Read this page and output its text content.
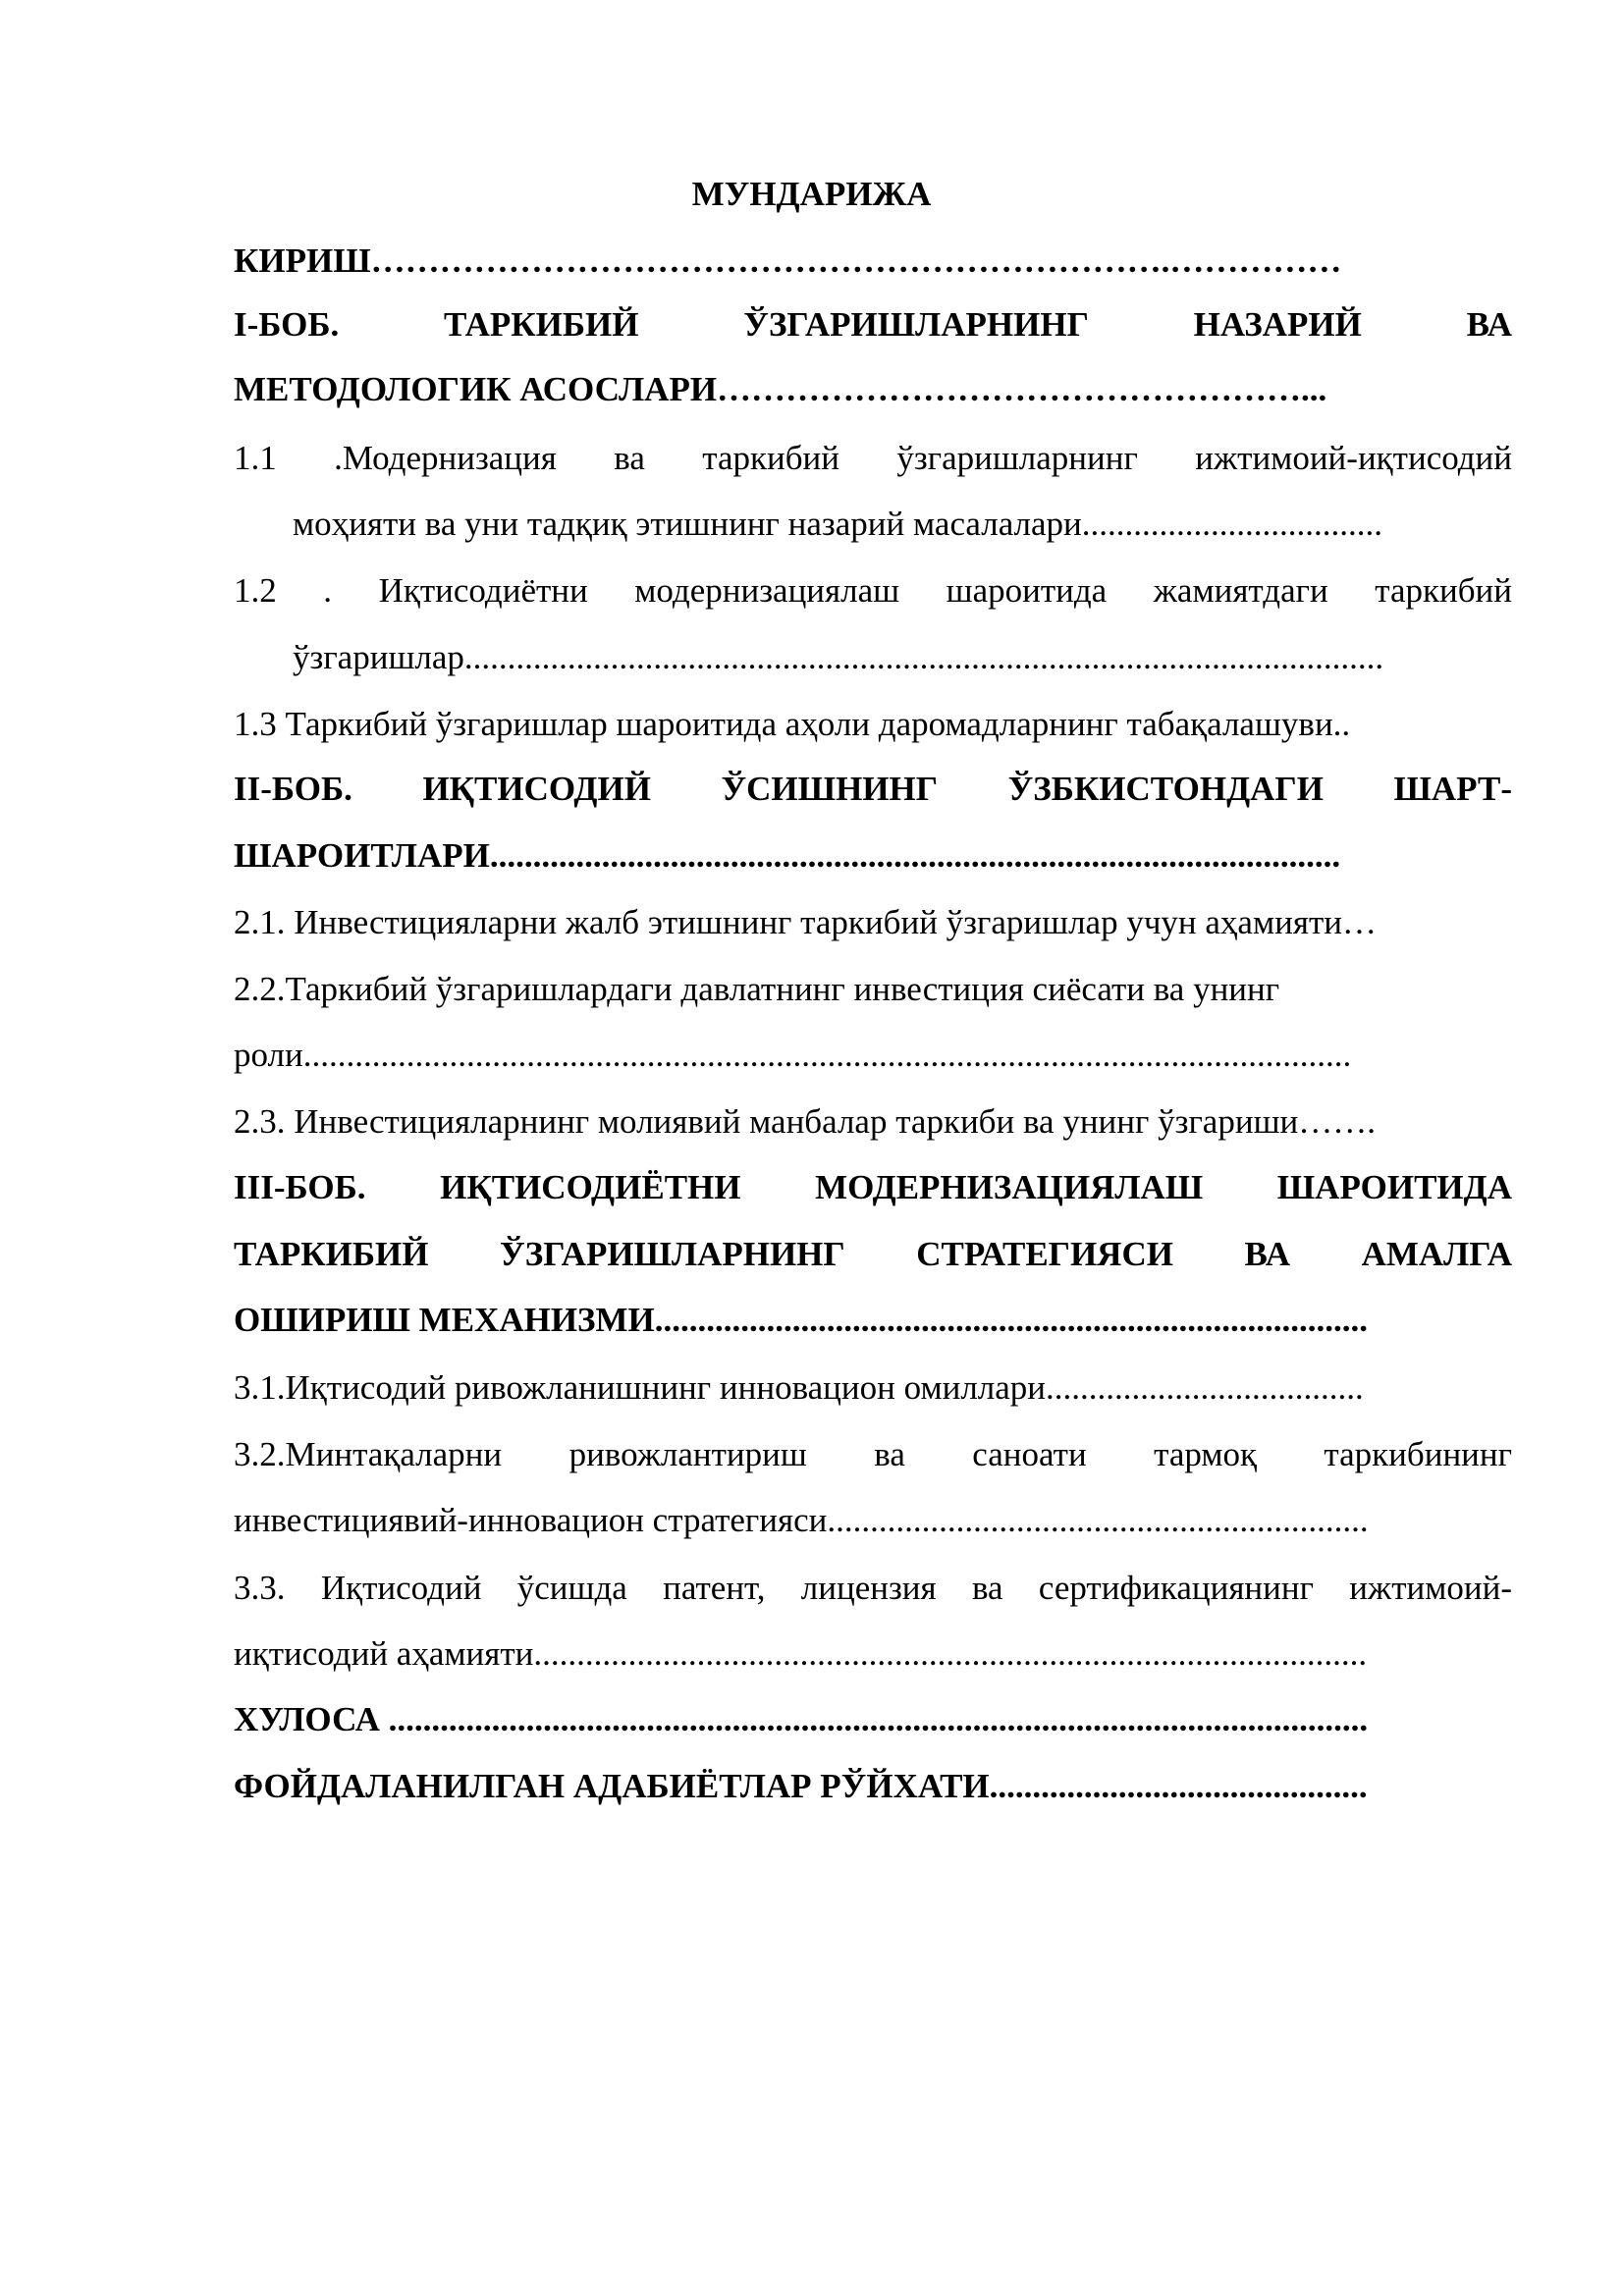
МУНДАРИЖА

КИРИШ…………………………………………………………….……………

I-БОБ. ТАРКИБИЙ ЎЗГАРИШЛАРНИНГ НАЗАРИЙ ВА

МЕТОДОЛОГИК АСОСЛАРИ……………………………………………...

1.1 .Модернизация ва таркибий ўзгаришларнинг ижтимоий-иқтисодий

моҳияти ва уни тадқиқ этишнинг назарий масалалари...................................

1.2 . Иқтисодиётни модернизациялаш шароитида жамиятдаги таркибий

ўзгаришлар...........................................................................................................

1.3 Таркибий ўзгаришлар шароитида аҳоли даромадларнинг табақалашуви..

II-БОБ. ИҚТИСОДИЙ ЎСИШНИНГ ЎЗБКИСТОНДАГИ ШАРТ-

ШАРОИТЛАРИ...................................................................................................

2.1. Инвестицияларни жалб этишнинг таркибий ўзгаришлар учун аҳамияти…

2.2.Таркибий ўзгаришлардаги давлатнинг инвестиция сиёсати ва унинг

роли..........................................................................................................................

2.3. Инвестицияларнинг молиявий манбалар таркиби ва унинг ўзгариши…….

III-БОБ. ИҚТИСОДИЁТНИ МОДЕРНИЗАЦИЯЛАШ ШАРОИТИДА

ТАРКИБИЙ ЎЗГАРИШЛАРНИНГ СТРАТЕГИЯСИ ВА АМАЛГА

ОШИРИШ МЕХАНИЗМИ...................................................................................

3.1.Иқтисодий ривожланишнинг инновацион омиллари.....................................

3.2.Минтақаларни ривожлантириш ва саноати тармоқ таркибининг

инвестициявий-инновацион стратегияси...............................................................

3.3. Иқтисодий ўсишда патент, лицензия ва сертификациянинг ижтимоий-

иқтисодий аҳамияти.................................................................................................

ХУЛОСА ..................................................................................................................

ФОЙДАЛАНИЛГАН АДАБИЁТЛАР РЎЙХАТИ............................................
